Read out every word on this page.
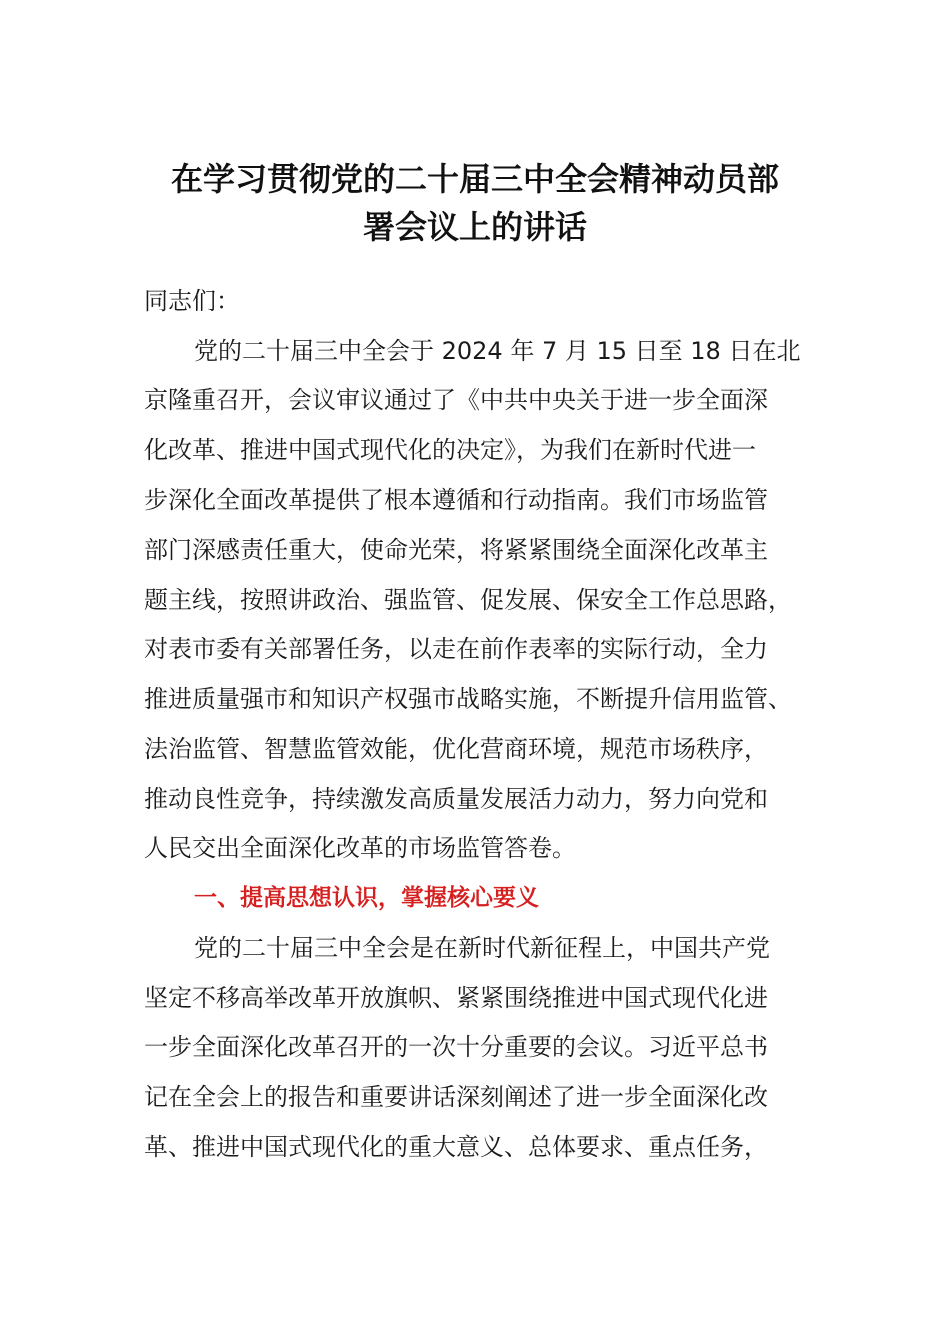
在学习贯彻党的二十届三中全会精神动员部
署会议上的讲话
同志们：
党的二十届三中全会于 2024 年 7 月 15 日至 18 日在北
京隆重召开，会议审议通过了《中共中央关于进一步全面深
化改革、推进中国式现代化的决定》，为我们在新时代进一
步深化全面改革提供了根本遵循和行动指南。我们市场监管
部门深感责任重大，使命光荣，将紧紧围绕全面深化改革主
题主线，按照讲政治、强监管、促发展、保安全工作总思路，
对表市委有关部署任务，以走在前作表率的实际行动，全力
推进质量强市和知识产权强市战略实施，不断提升信用监管、
法治监管、智慧监管效能，优化营商环境，规范市场秩序，
推动良性竞争，持续激发高质量发展活力动力，努力向党和
人民交出全面深化改革的市场监管答卷。
一、提高思想认识，掌握核心要义
党的二十届三中全会是在新时代新征程上，中国共产党
坚定不移高举改革开放旗帜、紧紧围绕推进中国式现代化进
一步全面深化改革召开的一次十分重要的会议。习近平总书
记在全会上的报告和重要讲话深刻阐述了进一步全面深化改
革、推进中国式现代化的重大意义、总体要求、重点任务，
